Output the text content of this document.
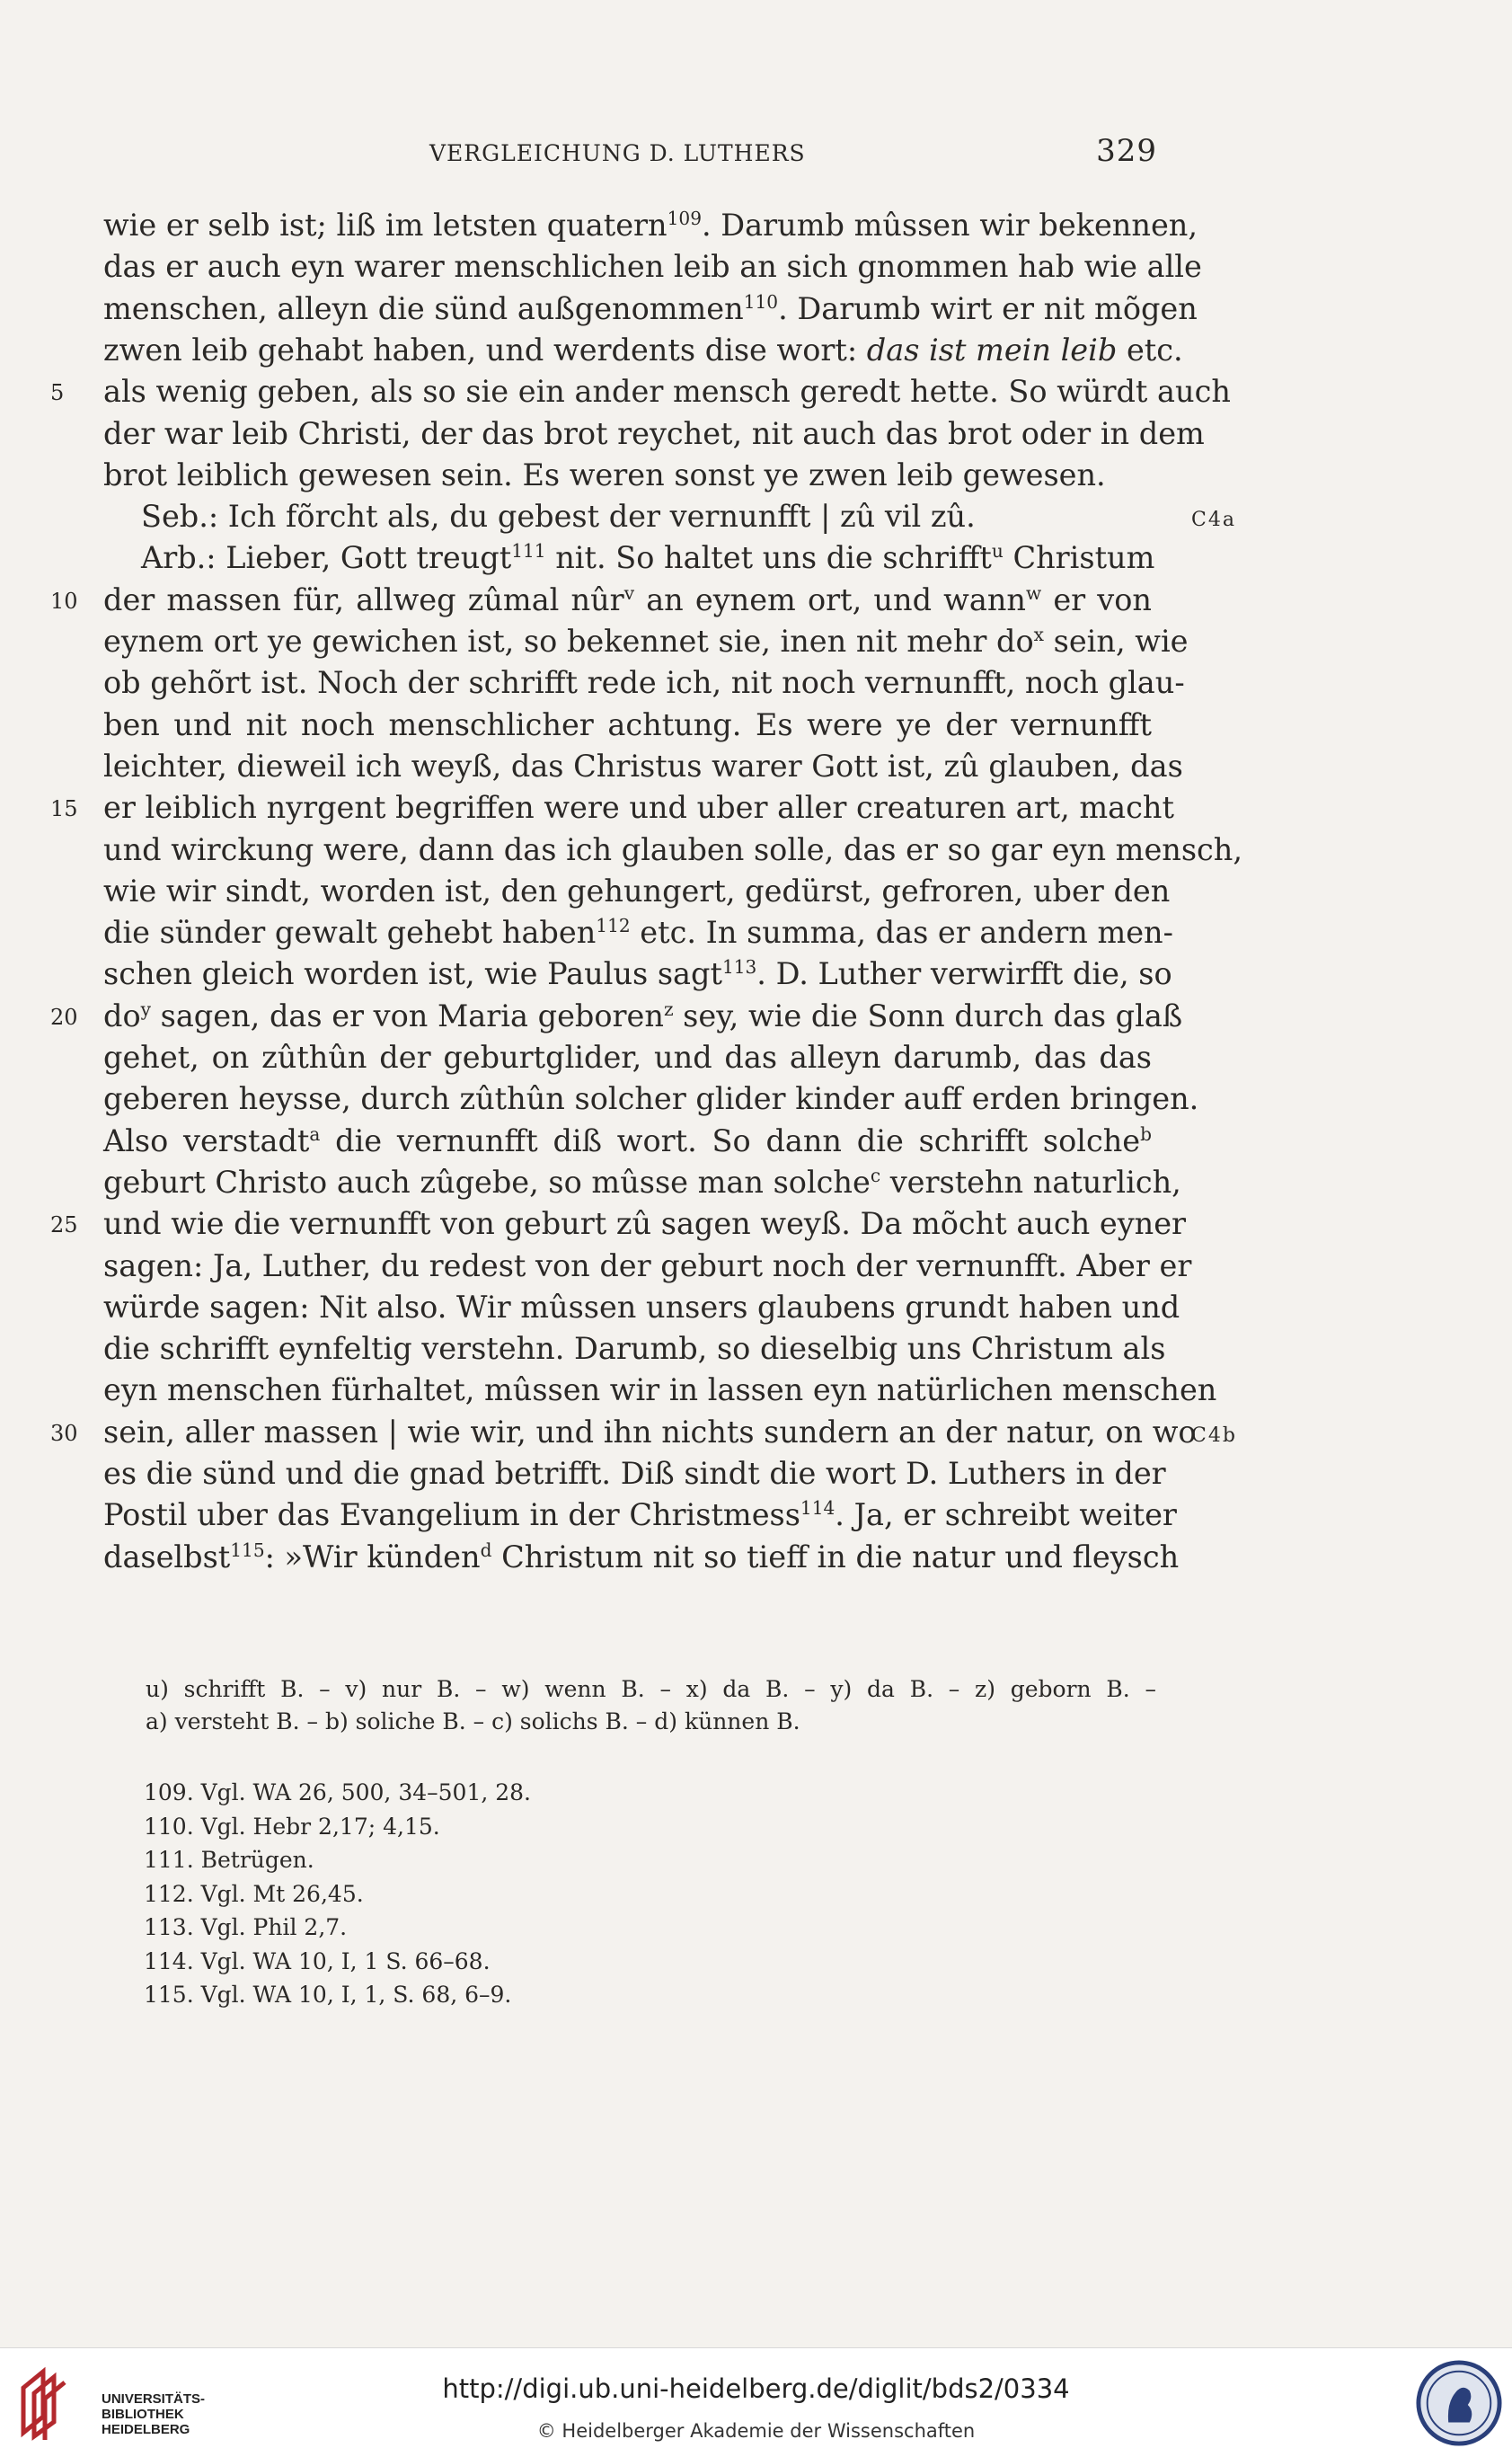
VERGLEICHUNG D. LUTHERS	329
wie er selb ist; liß im letsten quatern$^{109}$. Darumb mûssen wir bekennen,
das er auch eyn warer menschlichen leib an sich gnommen hab wie alle
menschen, alleyn die sünd außgenommen$^{110}$. Darumb wirt er nit mõgen
zwen leib gehabt haben, und werdents dise wort: das ist mein leib etc.
als wenig geben, als so sie ein ander mensch geredt hette. So würdt auch
5
der war leib Christi, der das brot reychet, nit auch das brot oder in dem
brot leiblich gewesen sein. Es weren sonst ye zwen leib gewesen.
Seb.: Ich fõrcht als, du gebest der vernunfft | zû vil zû.	C4a
Arb.: Lieber, Gott treugt$^{111}$ nit. So haltet uns die schrifft$^u$ Christum
der massen für, allweg zûmal nûr$^v$ an eynem ort, und wann$^w$ er von
10
eynem ort ye gewichen ist, so bekennet sie, inen nit mehr $do^x$ sein, wie
ob gehõrt ist. Noch der schrifft rede ich, nit noch vernunfft, noch glau-
ben und nit noch menschlicher achtung. Es were ye der vernunfft
leichter, dieweil ich weyß, das Christus warer Gott ist, zû glauben, das
er leiblich nyrgent begriffen were und uber aller creaturen art, macht
15
und wirckung were, dann das ich glauben solle, das er so gar eyn mensch,
wie wir sindt, worden ist, den gehungert, gedürst, gefroren, uber den
die sünder gewalt gehebt haben$^{112}$ etc. In summa, das er andern men-
schen gleich worden ist, wie Paulus sagt$^{113}$. D. Luther verwirfft die, so
$do^y$ sagen, das er von Maria geboren$^z$ sey, wie die Sonn durch das glaß
20
gehet, on zûthûn der geburtglider, und das alleyn darumb, das das
geberen heysse, durch zûthûn solcher glider kinder auff erden bringen.
Also verstadt$^a$ die vernunfft diß wort. So dann die schrifft solche$^b$
geburt Christo auch zûgebe, so mûsse man solche$^c$ verstehn naturlich,
und wie die vernunfft von geburt zû sagen weyß. Da mõcht auch eyner
25
sagen: Ja, Luther, du redest von der geburt noch der vernunfft. Aber er
würde sagen: Nit also. Wir mûssen unsers glaubens grundt haben und
die schrifft eynfeltig verstehn. Darumb, so dieselbig uns Christum als
eyn menschen fürhaltet, mûssen wir in lassen eyn natürlichen menschen
sein, aller massen | wie wir, und ihn nichts sundern an der natur, on wo
30	C4b
es die sünd und die gnad betrifft. Diß sindt die wort D. Luthers in der
Postil uber das Evangelium in der Christmess$^{114}$. Ja, er schreibt weiter
daselbst$^{115}$: »Wir künden$^d$ Christum nit so tieff in die natur und fleysch
u) schrifft B. – v) nur B. – w) wenn B. – x) da B. – y) da B. – z) geborn B. –
a) versteht B. – b) soliche B. – c) solichs B. – d) künnen B.
109. Vgl. WA 26, 500, 34–501, 28.
110. Vgl. Hebr 2,17; 4,15.
111. Betrügen.
112. Vgl. Mt 26,45.
113. Vgl. Phil 2,7.
114. Vgl. WA 10, I, 1 S. 66–68.
115. Vgl. WA 10, I, 1, S. 68, 6–9.
UNIVERSITÄTS-
BIBLIOTHEK
HEIDELBERG
http://digi.ub.uni-heidelberg.de/diglit/bds2/0334
© Heidelberger Akademie der Wissenschaften
